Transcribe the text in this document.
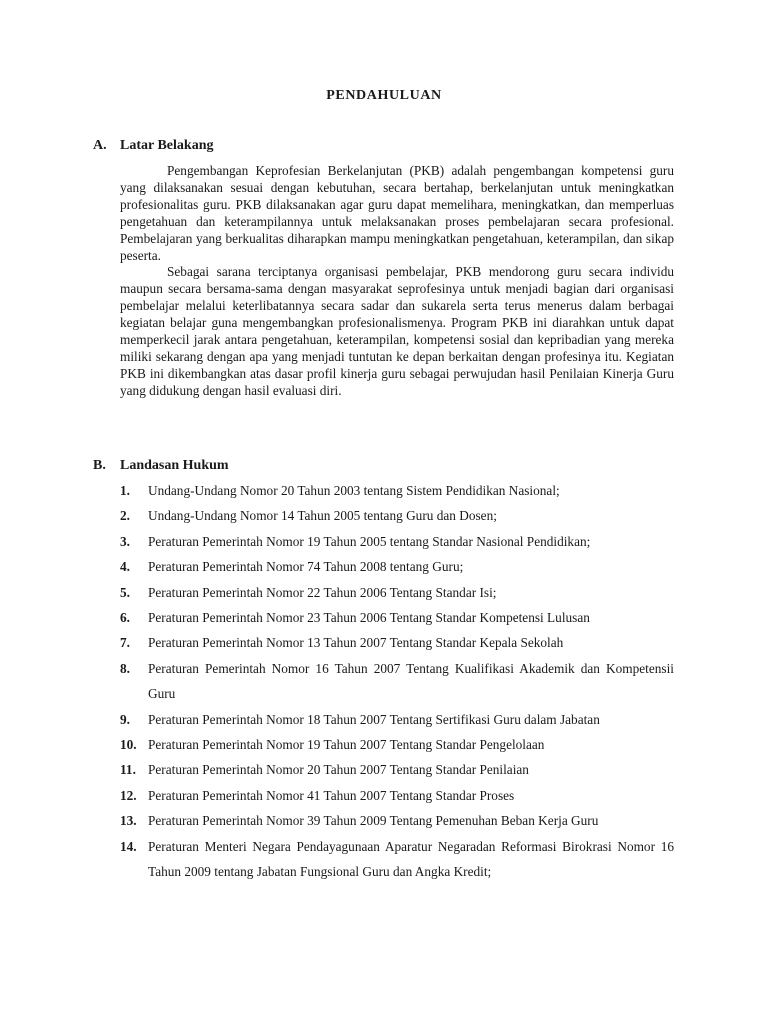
PENDAHULUAN
A. Latar Belakang

Pengembangan Keprofesian Berkelanjutan (PKB) adalah pengembangan kompetensi guru yang dilaksanakan sesuai dengan kebutuhan, secara bertahap, berkelanjutan untuk meningkatkan profesionalitas guru. PKB dilaksanakan agar guru dapat memelihara, meningkatkan, dan memperluas pengetahuan dan keterampilannya untuk melaksanakan proses pembelajaran secara profesional. Pembelajaran yang berkualitas diharapkan mampu meningkatkan pengetahuan, keterampilan, dan sikap peserta.

Sebagai sarana terciptanya organisasi pembelajar, PKB mendorong guru secara individu maupun secara bersama-sama dengan masyarakat seprofesinya untuk menjadi bagian dari organisasi pembelajar melalui keterlibatannya secara sadar dan sukarela serta terus menerus dalam berbagai kegiatan belajar guna mengembangkan profesionalismenya. Program PKB ini diarahkan untuk dapat memperkecil jarak antara pengetahuan, keterampilan, kompetensi sosial dan kepribadian yang mereka miliki sekarang dengan apa yang menjadi tuntutan ke depan berkaitan dengan profesinya itu. Kegiatan PKB ini dikembangkan atas dasar profil kinerja guru sebagai perwujudan hasil Penilaian Kinerja Guru yang didukung dengan hasil evaluasi diri.

B. Landasan Hukum
1.	Undang-Undang Nomor 20 Tahun 2003 tentang Sistem Pendidikan Nasional;
2.	Undang-Undang Nomor 14 Tahun 2005 tentang Guru dan Dosen;
3.	Peraturan Pemerintah Nomor 19 Tahun 2005 tentang Standar Nasional Pendidikan;
4.	Peraturan Pemerintah Nomor 74 Tahun 2008 tentang Guru;
5.	Peraturan Pemerintah Nomor 22 Tahun 2006 Tentang Standar Isi;
6.	Peraturan Pemerintah Nomor 23 Tahun 2006 Tentang Standar Kompetensi Lulusan
7.	Peraturan Pemerintah Nomor 13 Tahun 2007 Tentang Standar Kepala Sekolah
8.	Peraturan Pemerintah Nomor 16 Tahun 2007 Tentang Kualifikasi Akademik dan Kompetensii Guru
9.	Peraturan Pemerintah Nomor 18 Tahun 2007 Tentang Sertifikasi Guru dalam Jabatan
10. Peraturan Pemerintah Nomor 19 Tahun 2007 Tentang Standar Pengelolaan
11. Peraturan Pemerintah Nomor 20 Tahun 2007 Tentang Standar Penilaian
12. Peraturan Pemerintah Nomor 41 Tahun 2007 Tentang Standar Proses
13. Peraturan Pemerintah Nomor 39 Tahun 2009 Tentang Pemenuhan Beban Kerja Guru
14. Peraturan Menteri Negara Pendayagunaan Aparatur Negaradan Reformasi Birokrasi Nomor 16 Tahun 2009 tentang Jabatan Fungsional Guru dan Angka Kredit;
